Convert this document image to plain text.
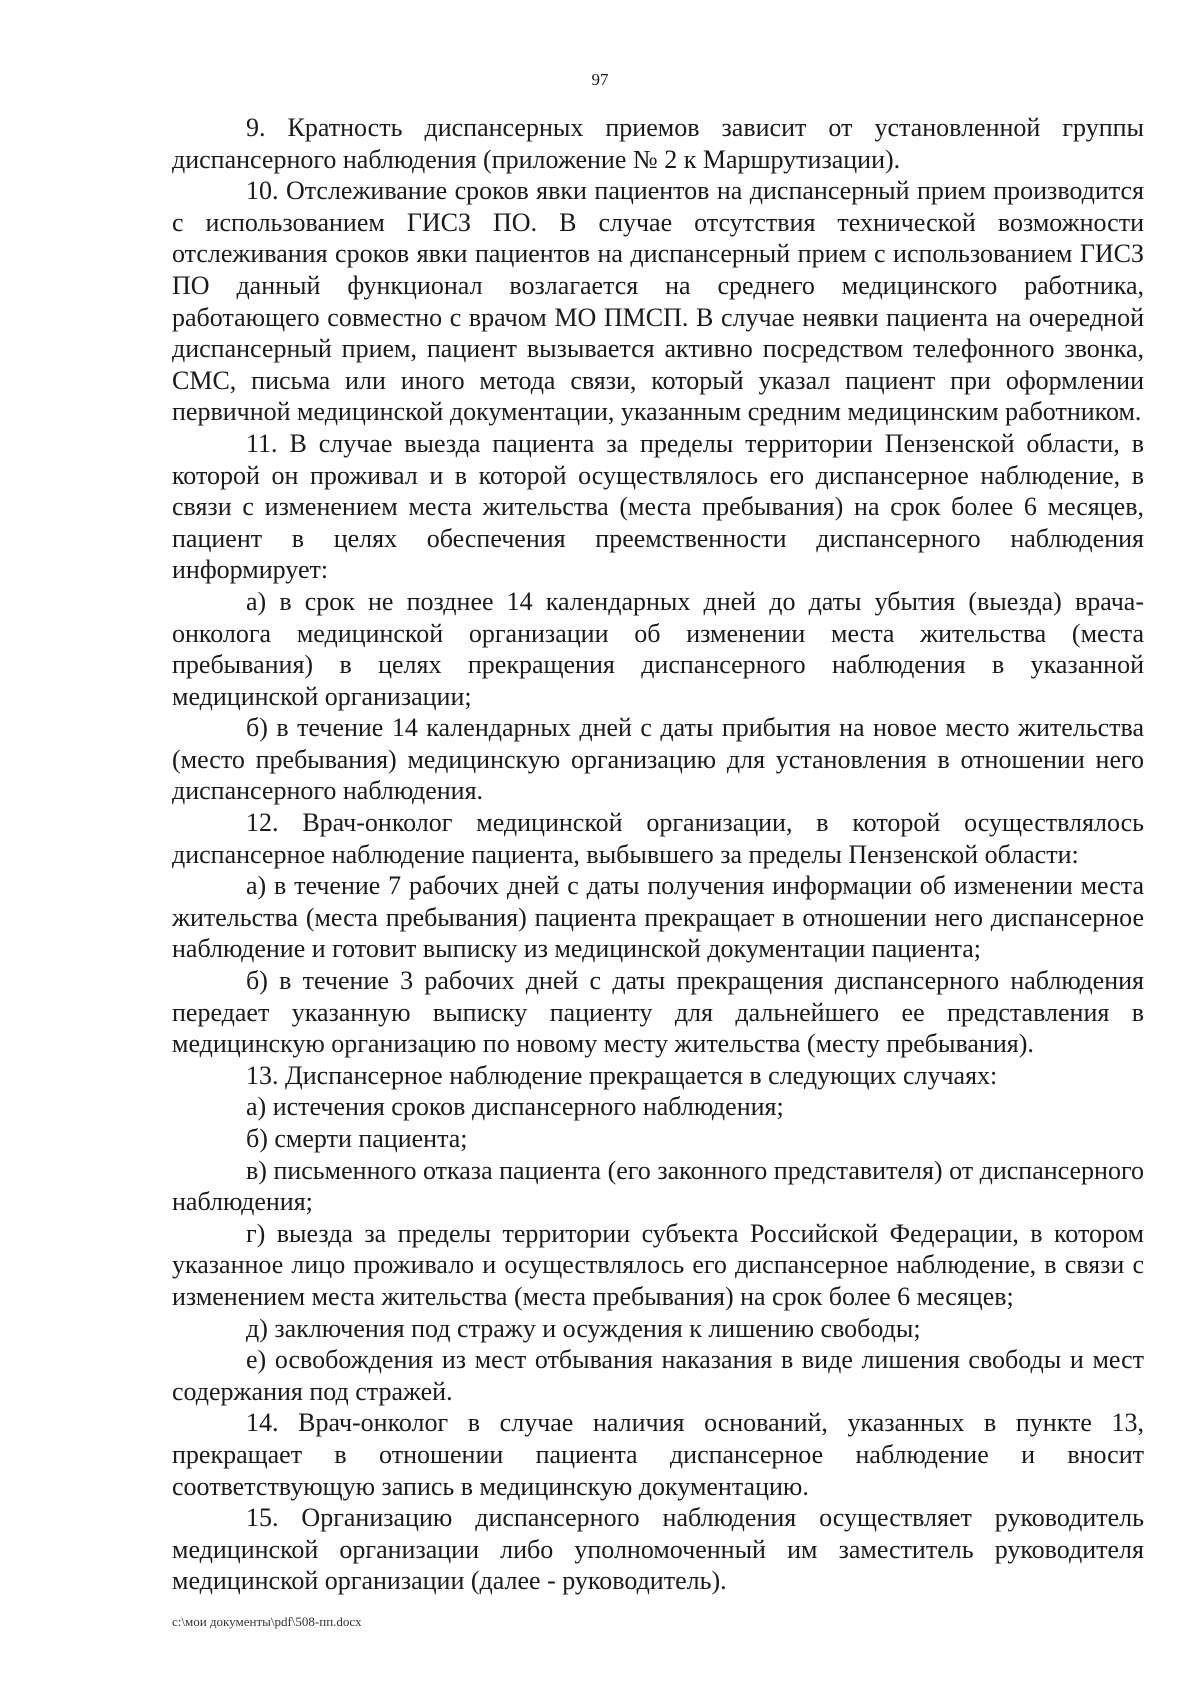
97

9. Кратность диспансерных приемов зависит от установленной группы диспансерного наблюдения (приложение № 2 к Маршрутизации).

10. Отслеживание сроков явки пациентов на диспансерный прием производится с использованием ГИСЗ ПО. В случае отсутствия технической возможности отслеживания сроков явки пациентов на диспансерный прием с использованием ГИСЗ ПО данный функционал возлагается на среднего медицинского работника, работающего совместно с врачом МО ПМСП. В случае неявки пациента на очередной диспансерный прием, пациент вызывается активно посредством телефонного звонка, СМС, письма или иного метода связи, который указал пациент при оформлении первичной медицинской документации, указанным средним медицинским работником.

11. В случае выезда пациента за пределы территории Пензенской области, в которой он проживал и в которой осуществлялось его диспансерное наблюдение, в связи с изменением места жительства (места пребывания) на срок более 6 месяцев, пациент в целях обеспечения преемственности диспансерного наблюдения информирует:

а) в срок не позднее 14 календарных дней до даты убытия (выезда) врача-онколога медицинской организации об изменении места жительства (места пребывания) в целях прекращения диспансерного наблюдения в указанной медицинской организации;

б) в течение 14 календарных дней с даты прибытия на новое место жительства (место пребывания) медицинскую организацию для установления в отношении него диспансерного наблюдения.

12. Врач-онколог медицинской организации, в которой осуществлялось диспансерное наблюдение пациента, выбывшего за пределы Пензенской области:

а) в течение 7 рабочих дней с даты получения информации об изменении места жительства (места пребывания) пациента прекращает в отношении него диспансерное наблюдение и готовит выписку из медицинской документации пациента;

б) в течение 3 рабочих дней с даты прекращения диспансерного наблюдения передает указанную выписку пациенту для дальнейшего ее представления в медицинскую организацию по новому месту жительства (месту пребывания).

13. Диспансерное наблюдение прекращается в следующих случаях:

а) истечения сроков диспансерного наблюдения;

б) смерти пациента;

в) письменного отказа пациента (его законного представителя) от диспансерного наблюдения;

г) выезда за пределы территории субъекта Российской Федерации, в котором указанное лицо проживало и осуществлялось его диспансерное наблюдение, в связи с изменением места жительства (места пребывания) на срок более 6 месяцев;

д) заключения под стражу и осуждения к лишению свободы;

е) освобождения из мест отбывания наказания в виде лишения свободы и мест содержания под стражей.

14. Врач-онколог в случае наличия оснований, указанных в пункте 13, прекращает в отношении пациента диспансерное наблюдение и вносит соответствующую запись в медицинскую документацию.

15. Организацию диспансерного наблюдения осуществляет руководитель медицинской организации либо уполномоченный им заместитель руководителя медицинской организации (далее - руководитель).

c:\мои документы\pdf\508-пп.docx
